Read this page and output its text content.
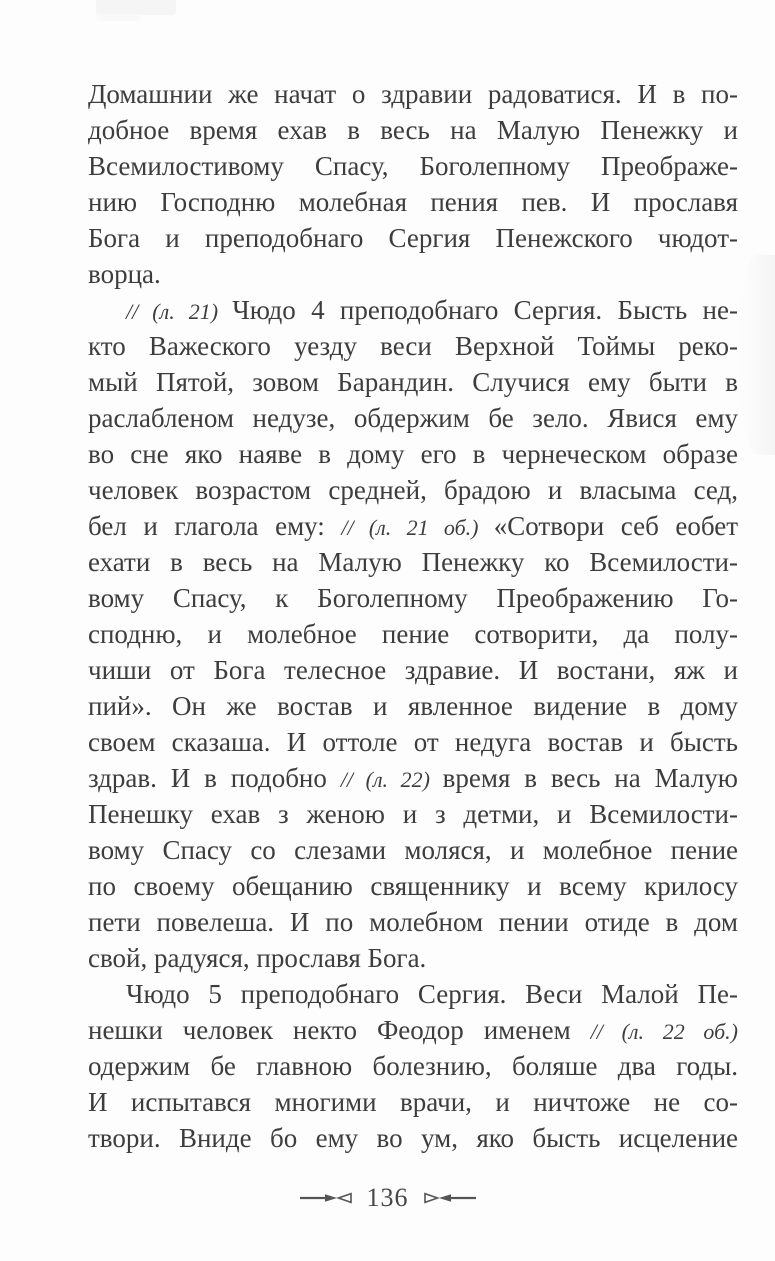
Домашнии же начат о здравии радоватися. И в по-
добное время ехав в весь на Малую Пенежку и
Всемилостивому Спасу, Боголепному Преображе-
нию Господню молебная пения пев. И прославя
Бога и преподобнаго Сергия Пенежского чюдот-
ворца.
// (л. 21) Чюдо 4 преподобнаго Сергия. Бысть не-
кто Важеского уезду веси Верхной Тоймы реко-
мый Пятой, зовом Барандин. Случися ему быти в
раслабленом недузе, обдержим бе зело. Явися ему
во сне яко наяве в дому его в чернеческом образе
человек возрастом средней, брадою и власыма сед,
бел и глагола ему: // (л. 21 об.) «Сотвори себ еобет
ехати в весь на Малую Пенежку ко Всемилости-
вому Спасу, к Боголепному Преображению Го-
сподню, и молебное пение сотворити, да полу-
чиши от Бога телесное здравие. И востани, яж и
пий». Он же востав и явленное видение в дому
своем сказаша. И оттоле от недуга востав и бысть
здрав. И в подобно // (л. 22) время в весь на Малую
Пенешку ехав з женою и з детми, и Всемилости-
вому Спасу со слезами моляся, и молебное пение
по своему обещанию священнику и всему крилосу
пети повелеша. И по молебном пении отиде в дом
свой, радуяся, прославя Бога.
Чюдо 5 преподобнаго Сергия. Веси Малой Пе-
нешки человек некто Феодор именем // (л. 22 об.)
одержим бе главною болезнию, боляше два годы.
И испытався многими врачи, и ничтоже не со-
твори. Вниде бо ему во ум, яко бысть исцеление
136
